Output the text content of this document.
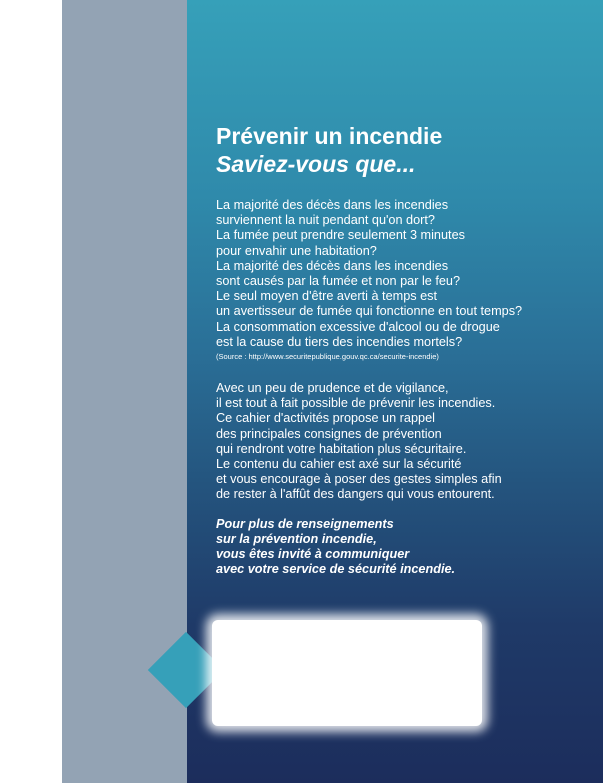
Prévenir un incendie
Saviez-vous que...
La majorité des décès dans les incendies
surviennent la nuit pendant qu'on dort?
La fumée peut prendre seulement 3 minutes
pour envahir une habitation?
La majorité des décès dans les incendies
sont causés par la fumée et non par le feu?
Le seul moyen d'être averti à temps est
un avertisseur de fumée qui fonctionne en tout temps?
La consommation excessive d'alcool ou de drogue
est la cause du tiers des incendies mortels?
(Source : http://www.securitepublique.gouv.qc.ca/securite-incendie)
Avec un peu de prudence et de vigilance,
il est tout à fait possible de prévenir les incendies.
Ce cahier d'activités propose un rappel
des principales consignes de prévention
qui rendront votre habitation plus sécuritaire.
Le contenu du cahier est axé sur la sécurité
et vous encourage à poser des gestes simples afin
de rester à l'affût des dangers qui vous entourent.
Pour plus de renseignements
sur la prévention incendie,
vous êtes invité à communiquer
avec votre service de sécurité incendie.
